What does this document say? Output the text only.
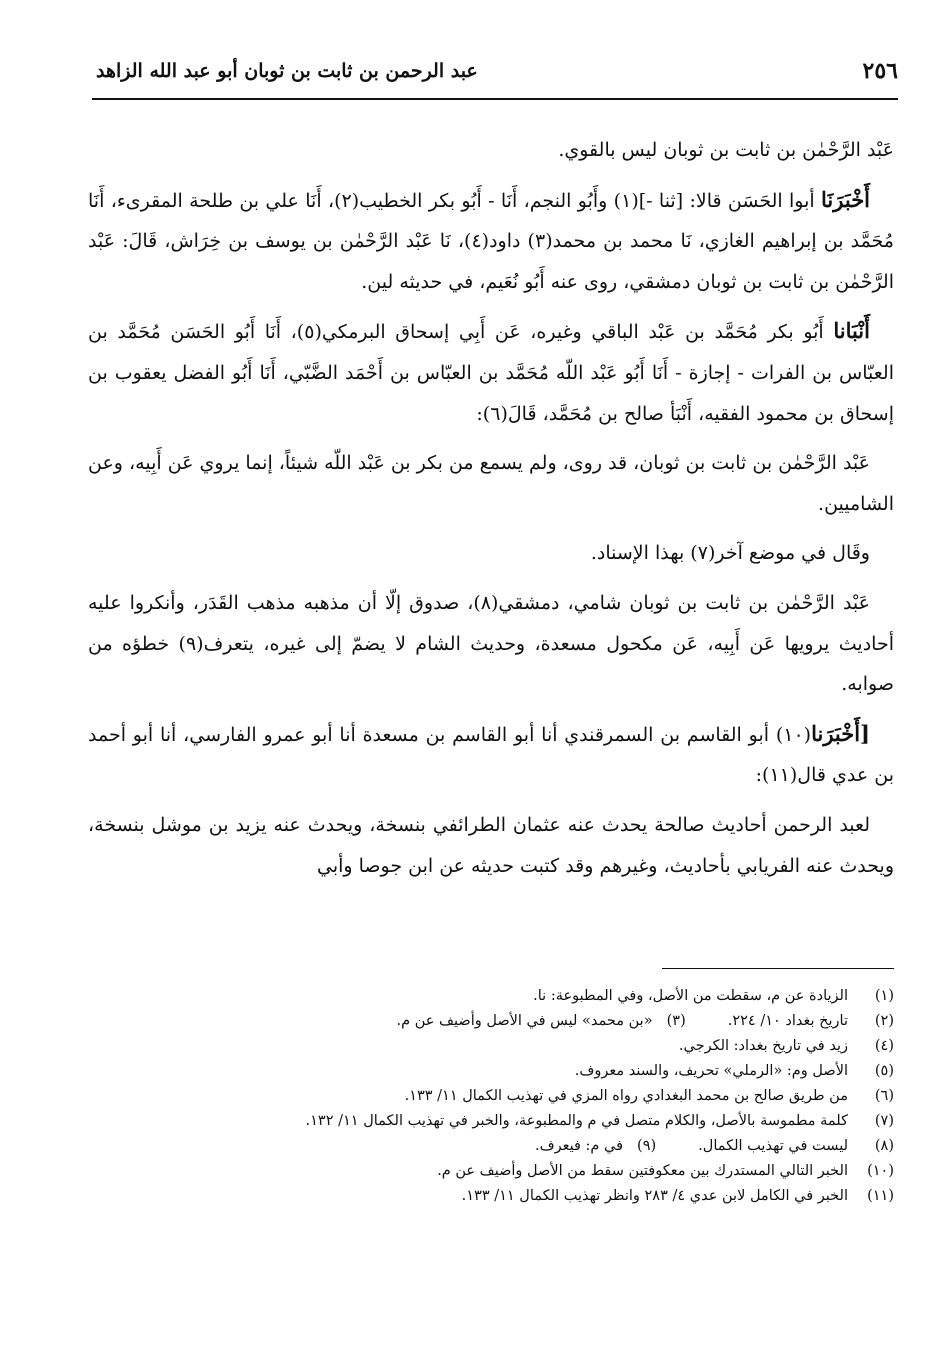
عبد الرحمن بن ثابت بن ثوبان أبو عبد الله الزاهد	٢٥٦

عَبْد الرَّحْمٰن بن ثابت بن ثوبان ليس بالقوي.

أَخْبَرَنَا أبوا الحَسَن قالا: [ثنا -](١) وأَبُو النجم، أَنَا - أَبُو بكر الخطيب(٢)، أَنَا علي بن طلحة المقرىء، أَنَا مُحَمَّد بن إبراهيم الغازي، نَا محمد بن محمد(٣) داود(٤)، نَا عَبْد الرَّحْمٰن بن يوسف بن خِرَاش، قَالَ: عَبْد الرَّحْمٰن بن ثابت بن ثوبان دمشقي، روى عنه أَبُو نُعَيم، في حديثه لين.

أَنْبَانا أَبُو بكر مُحَمَّد بن عَبْد الباقي وغيره، عَن أَبِي إسحاق البرمكي(٥)، أَنَا أَبُو الحَسَن مُحَمَّد بن العبّاس بن الفرات - إجازة - أَنَا أَبُو عَبْد اللّه مُحَمَّد بن العبّاس بن أَحْمَد الضَّبّي، أَنَا أَبُو الفضل يعقوب بن إسحاق بن محمود الفقيه، أَنْبَأ صالح بن مُحَمَّد، قَالَ(٦):

عَبْد الرَّحْمٰن بن ثابت بن ثوبان، قد روى، ولم يسمع من بكر بن عَبْد اللّه شيئاً، إنما يروي عَن أَبِيه، وعن الشاميين.

وقَال في موضع آخر(٧) بهذا الإسناد.

عَبْد الرَّحْمٰن بن ثابت بن ثوبان شامي، دمشقي(٨)، صدوق إلّا أن مذهبه مذهب القَدَر، وأنكروا عليه أحاديث يرويها عَن أَبِيه، عَن مكحول مسعدة، وحديث الشام لا يضمّ إلى غيره، يتعرف(٩) خطؤه من صوابه.

[أَخْبَرَنا(١٠) أبو القاسم بن السمرقندي أنا أبو القاسم بن مسعدة أنا أبو عمرو الفارسي، أنا أبو أحمد بن عدي قال(١١):

لعبد الرحمن أحاديث صالحة يحدث عنه عثمان الطرائفي بنسخة، ويحدث عنه يزيد بن موشل بنسخة، ويحدث عنه الفريابي بأحاديث، وغيرهم وقد كتبت حديثه عن ابن جوصا وأبي

(١)
الزيادة عن م، سقطت من الأصل، وفي المطبوعة: نا.
(٢)
تاريخ بغداد ١٠/ ٢٢٤.
(٣)
«بن محمد» ليس في الأصل وأضيف عن م.
(٤)
زيد في تاريخ بغداد: الكرجي.
(٥)
الأصل وم: «الرملي» تحريف، والسند معروف.
(٦)
من طريق صالح بن محمد البغدادي رواه المزي في تهذيب الكمال ١١/ ١٣٣.
(٧)
كلمة مطموسة بالأصل، والكلام متصل في م والمطبوعة، والخبر في تهذيب الكمال ١١/ ١٣٢.
(٨)
ليست في تهذيب الكمال.
(٩)
في م: فيعرف.
(١٠)
الخبر التالي المستدرك بين معكوفتين سقط من الأصل وأضيف عن م.
(١١)
الخبر في الكامل لابن عدي ٤/ ٢٨٣ وانظر تهذيب الكمال ١١/ ١٣٣.
